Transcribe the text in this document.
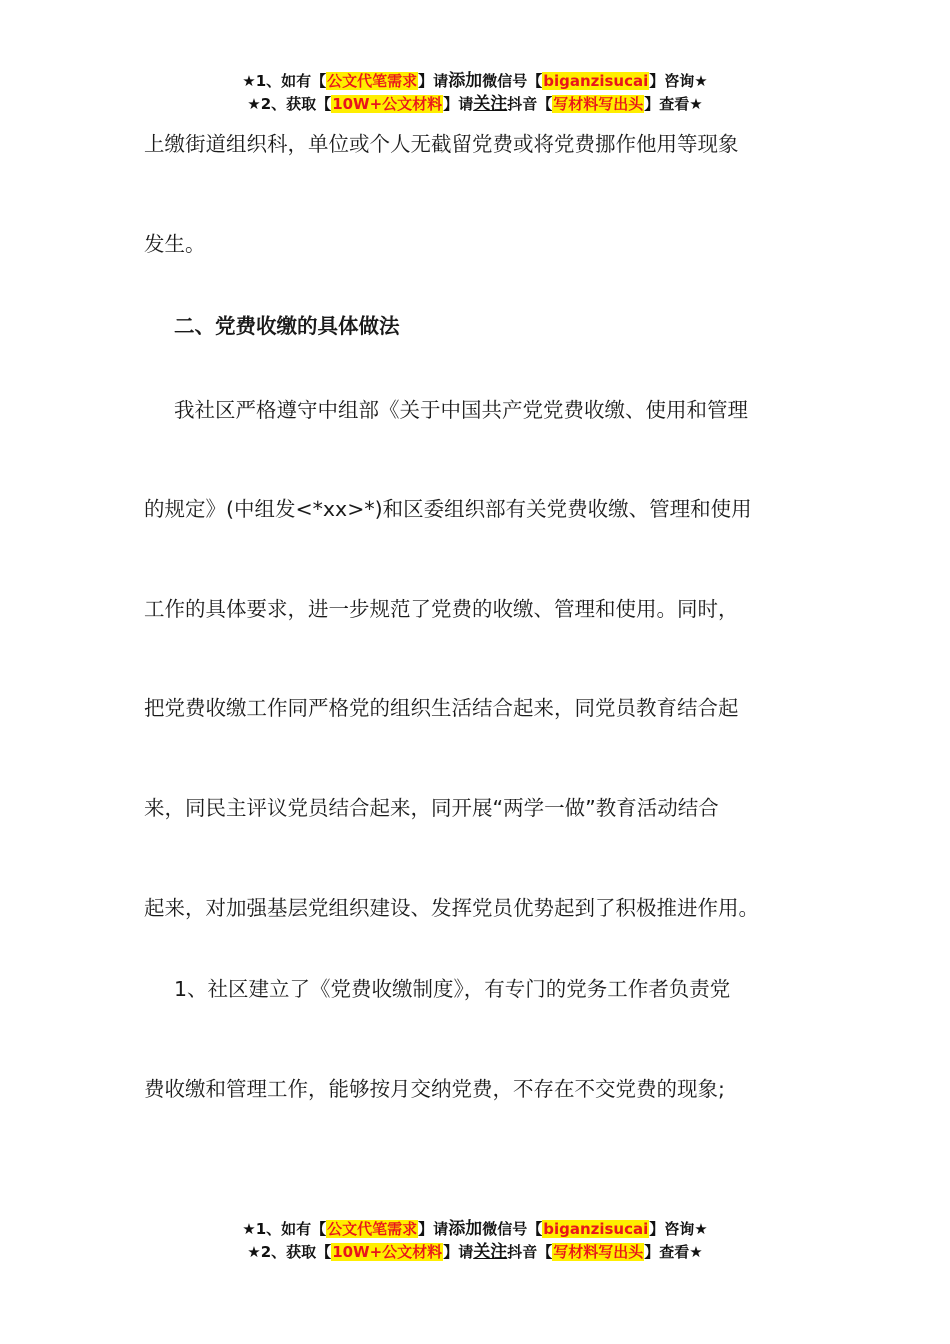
★1、如有【公文代笔需求】请添加微信号【biganzisucai】咨询★
★2、获取【10W+公文材料】请关注抖音【写材料写出头】查看★
上缴街道组织科，单位或个人无截留党费或将党费挪作他用等现象
发生。
二、党费收缴的具体做法
我社区严格遵守中组部《关于中国共产党党费收缴、使用和管理
的规定》(中组发<*xx>*)和区委组织部有关党费收缴、管理和使用
工作的具体要求，进一步规范了党费的收缴、管理和使用。同时，
把党费收缴工作同严格党的组织生活结合起来，同党员教育结合起
来，同民主评议党员结合起来，同开展“两学一做”教育活动结合
起来，对加强基层党组织建设、发挥党员优势起到了积极推进作用。
1、社区建立了《党费收缴制度》，有专门的党务工作者负责党
费收缴和管理工作，能够按月交纳党费，不存在不交党费的现象;
★1、如有【公文代笔需求】请添加微信号【biganzisucai】咨询★
★2、获取【10W+公文材料】请关注抖音【写材料写出头】查看★
